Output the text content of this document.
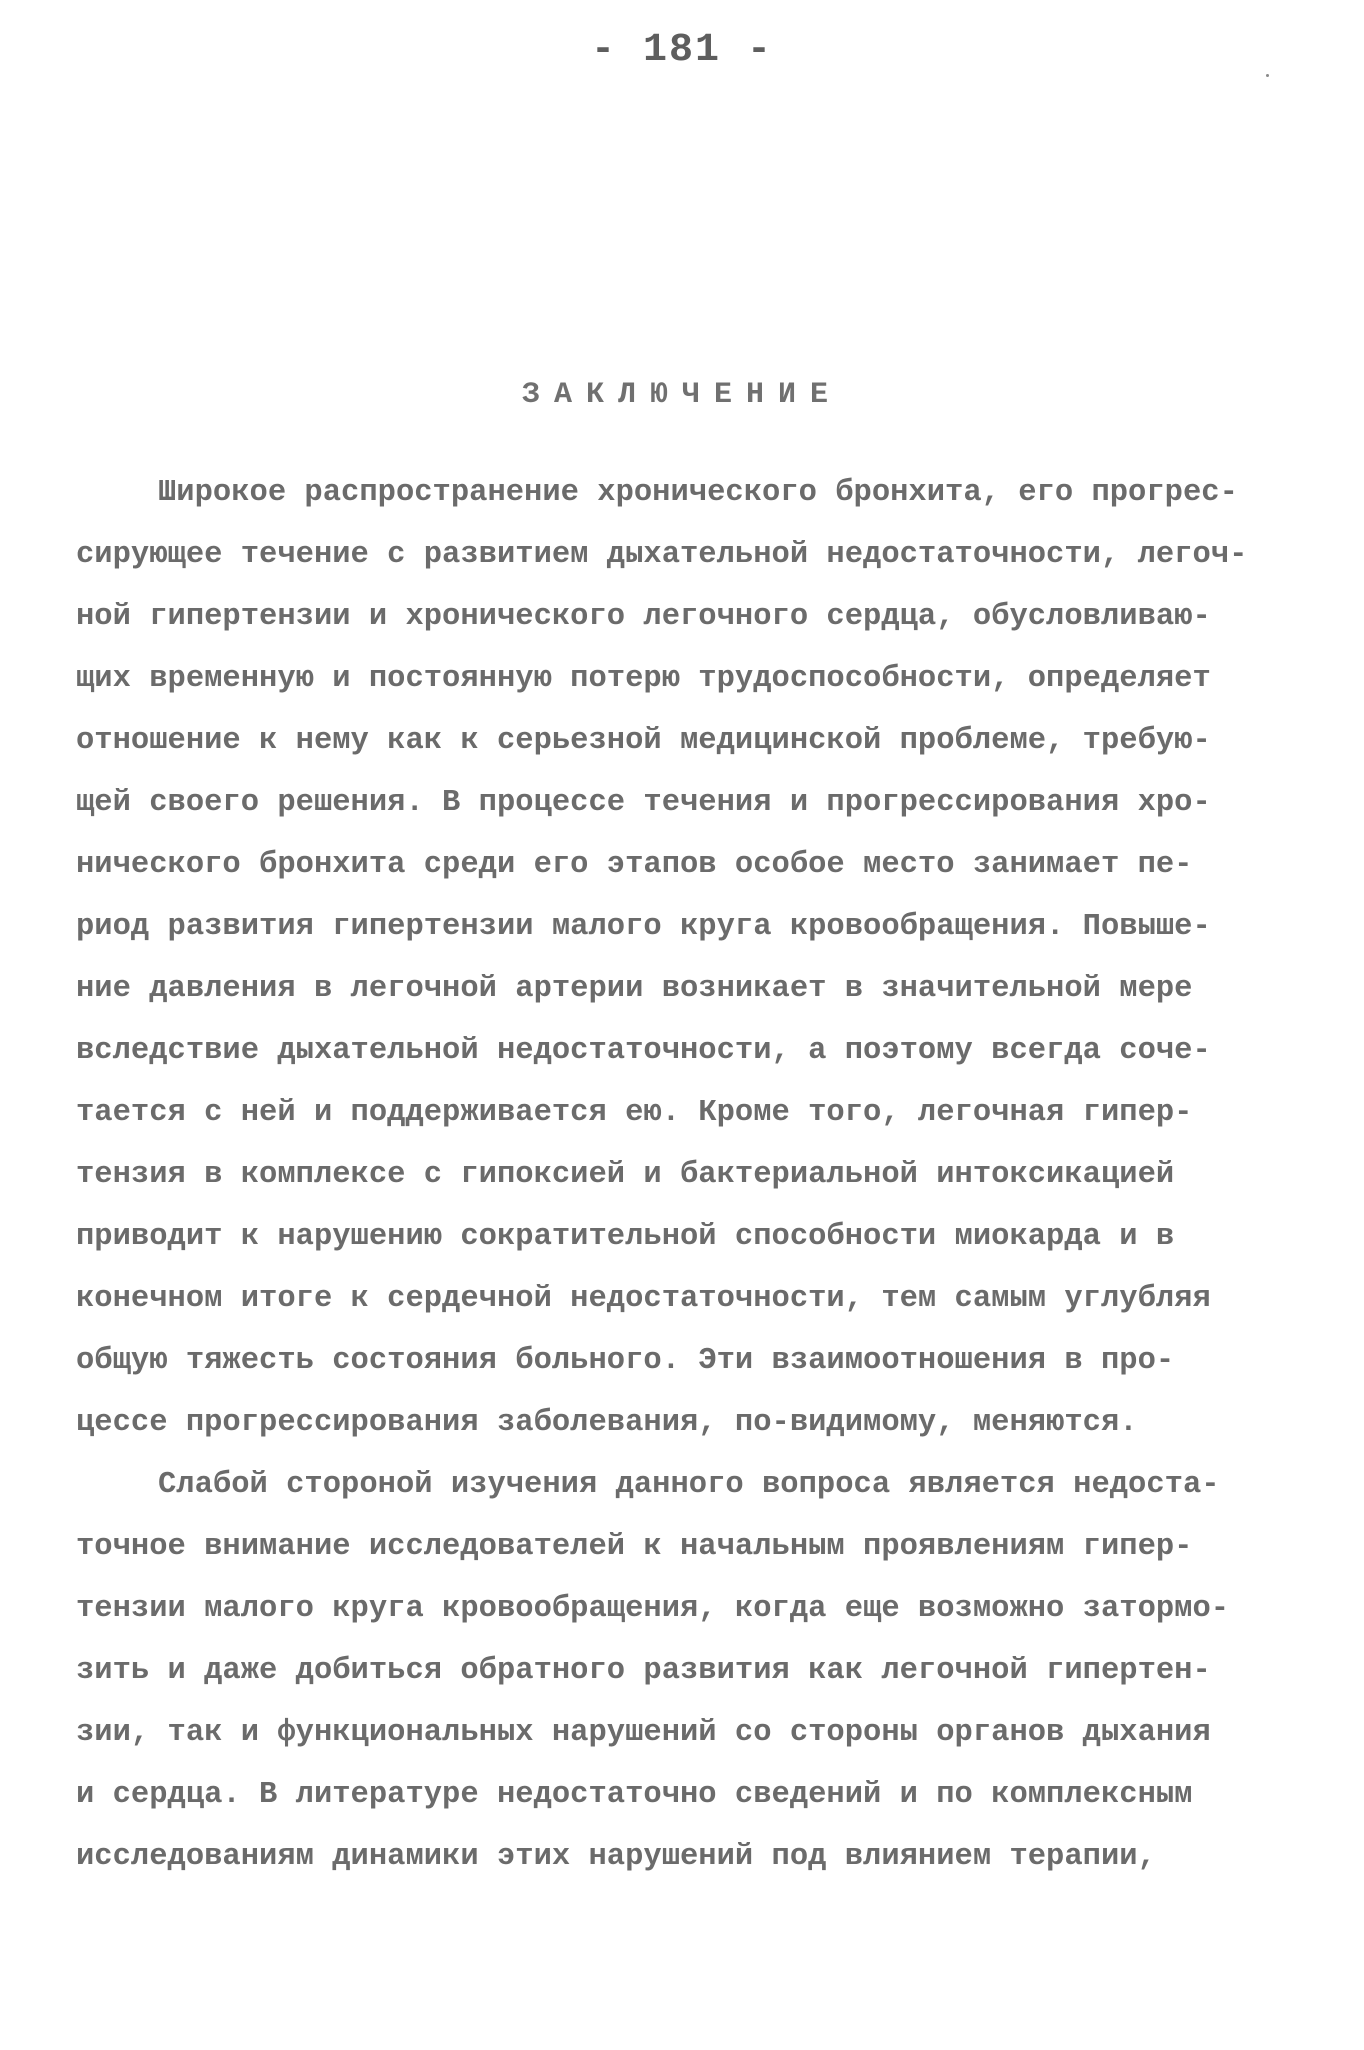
- 181 -
ЗАКЛЮЧЕНИЕ
Широкое распространение хронического бронхита, его прогрес-
сирующее течение с развитием дыхательной недостаточности, легоч-
ной гипертензии и хронического легочного сердца, обусловливаю-
щих временную и постоянную потерю трудоспособности, определяет
отношение к нему как к серьезной медицинской проблеме, требую-
щей своего решения. В процессе течения и прогрессирования хро-
нического бронхита среди его этапов особое место занимает пе-
риод развития гипертензии малого круга кровообращения. Повыше-
ние давления в легочной артерии возникает в значительной мере
вследствие дыхательной недостаточности, а поэтому всегда соче-
тается с ней и поддерживается ею. Кроме того, легочная гипер-
тензия в комплексе с гипоксией и бактериальной интоксикацией
приводит к нарушению сократительной способности миокарда и в
конечном итоге к сердечной недостаточности, тем самым углубляя
общую тяжесть состояния больного. Эти взаимоотношения в про-
цессе прогрессирования заболевания, по-видимому, меняются.
Слабой стороной изучения данного вопроса является недоста-
точное внимание исследователей к начальным проявлениям гипер-
тензии малого круга кровообращения, когда еще возможно затормо-
зить и даже добиться обратного развития как легочной гипертен-
зии, так и функциональных нарушений со стороны органов дыхания
и сердца. В литературе недостаточно сведений и по комплексным
исследованиям динамики этих нарушений под влиянием терапии,
